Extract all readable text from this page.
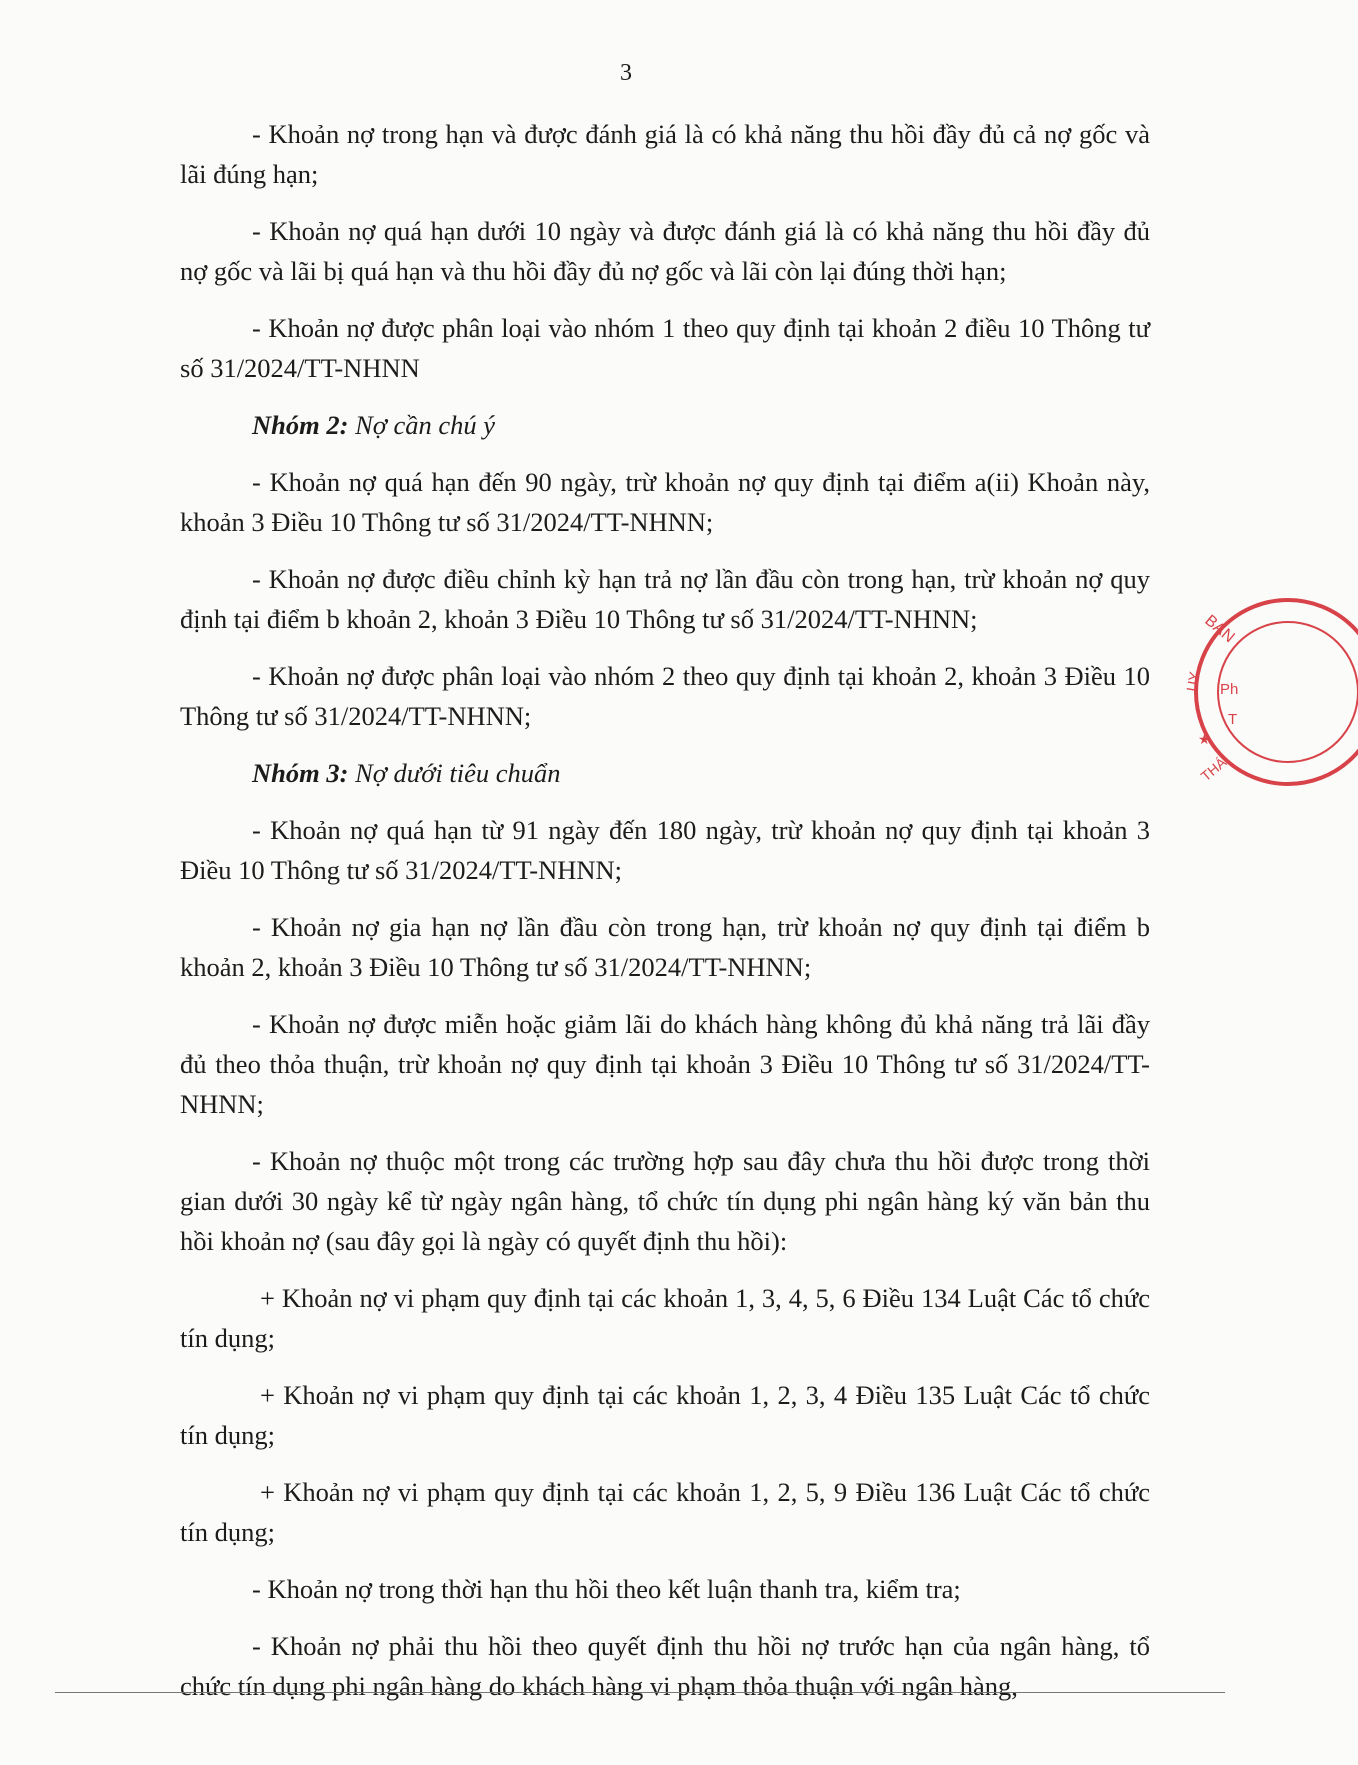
3

- Khoản nợ trong hạn và được đánh giá là có khả năng thu hồi đầy đủ cả nợ gốc và lãi đúng hạn;

- Khoản nợ quá hạn dưới 10 ngày và được đánh giá là có khả năng thu hồi đầy đủ nợ gốc và lãi bị quá hạn và thu hồi đầy đủ nợ gốc và lãi còn lại đúng thời hạn;

- Khoản nợ được phân loại vào nhóm 1 theo quy định tại khoản 2 điều 10 Thông tư số 31/2024/TT-NHNN

Nhóm 2: Nợ cần chú ý

- Khoản nợ quá hạn đến 90 ngày, trừ khoản nợ quy định tại điểm a(ii) Khoản này, khoản 3 Điều 10 Thông tư số 31/2024/TT-NHNN;

- Khoản nợ được điều chỉnh kỳ hạn trả nợ lần đầu còn trong hạn, trừ khoản nợ quy định tại điểm b khoản 2, khoản 3 Điều 10 Thông tư số 31/2024/TT-NHNN;

- Khoản nợ được phân loại vào nhóm 2 theo quy định tại khoản 2, khoản 3 Điều 10 Thông tư số 31/2024/TT-NHNN;

Nhóm 3: Nợ dưới tiêu chuẩn

- Khoản nợ quá hạn từ 91 ngày đến 180 ngày, trừ khoản nợ quy định tại khoản 3 Điều 10 Thông tư số 31/2024/TT-NHNN;

- Khoản nợ gia hạn nợ lần đầu còn trong hạn, trừ khoản nợ quy định tại điểm b khoản 2, khoản 3 Điều 10 Thông tư số 31/2024/TT-NHNN;

- Khoản nợ được miễn hoặc giảm lãi do khách hàng không đủ khả năng trả lãi đầy đủ theo thỏa thuận, trừ khoản nợ quy định tại khoản 3 Điều 10 Thông tư số 31/2024/TT-NHNN;

- Khoản nợ thuộc một trong các trường hợp sau đây chưa thu hồi được trong thời gian dưới 30 ngày kể từ ngày ngân hàng, tổ chức tín dụng phi ngân hàng ký văn bản thu hồi khoản nợ (sau đây gọi là ngày có quyết định thu hồi):

+ Khoản nợ vi phạm quy định tại các khoản 1, 3, 4, 5, 6 Điều 134 Luật Các tổ chức tín dụng;

+ Khoản nợ vi phạm quy định tại các khoản 1, 2, 3, 4 Điều 135 Luật Các tổ chức tín dụng;

+ Khoản nợ vi phạm quy định tại các khoản 1, 2, 5, 9 Điều 136 Luật Các tổ chức tín dụng;

- Khoản nợ trong thời hạn thu hồi theo kết luận thanh tra, kiểm tra;

- Khoản nợ phải thu hồi theo quyết định thu hồi nợ trước hạn của ngân hàng, tổ chức tín dụng phi ngân hàng do khách hàng vi phạm thỏa thuận với ngân hàng,

BAN
UY
★
THÁI
Ph
T
